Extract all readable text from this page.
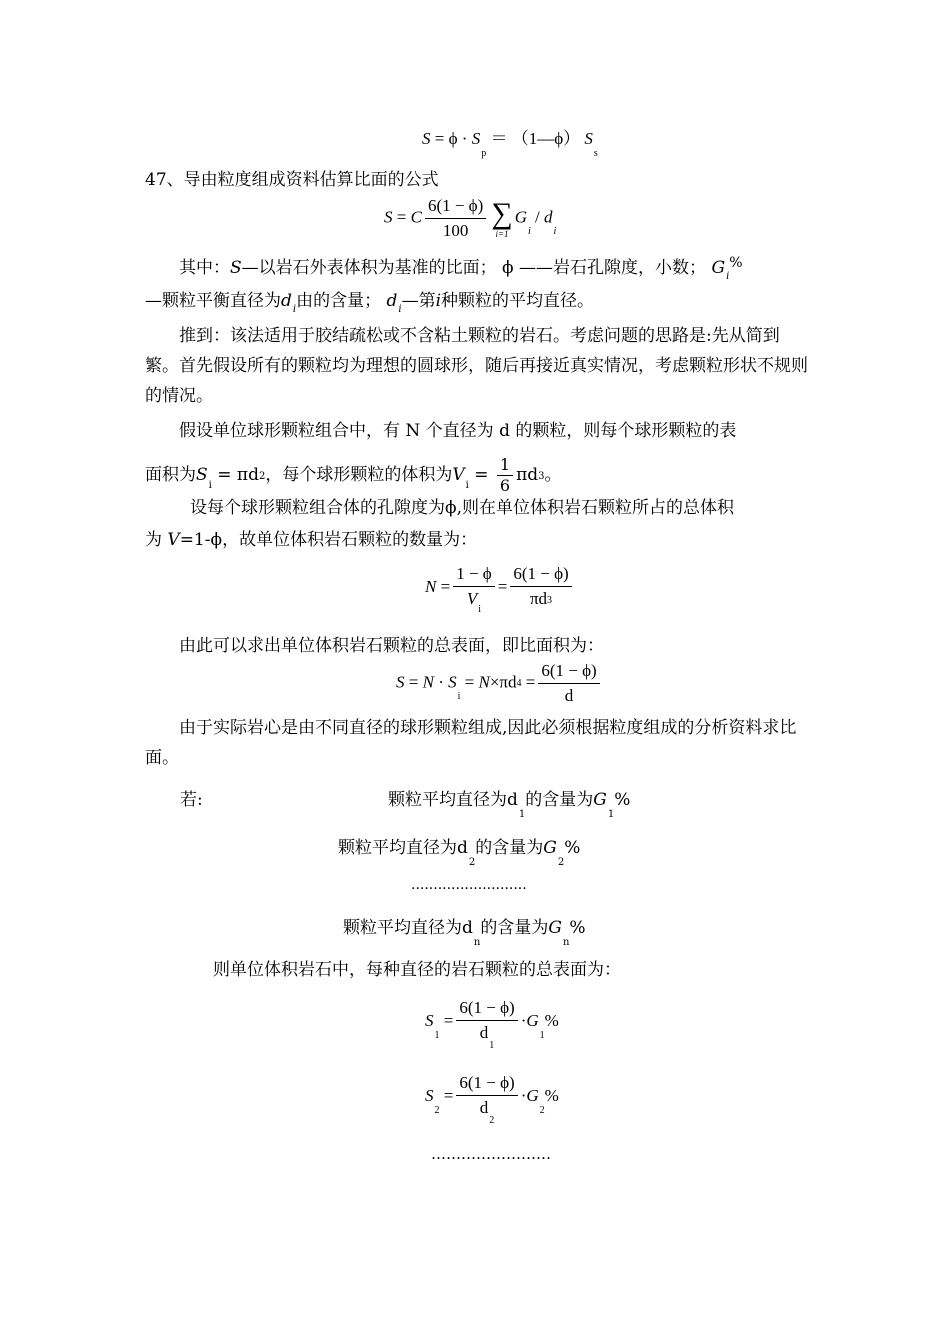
$S = \phi \cdot S_p$ ＝ （1—ϕ） $S_s$
47、导由粒度组成资料估算比面的公式
S = C $\frac{6(1 - \phi)}{100}$ ∑
i=1
$G_i / d_i$
其中：S—以岩石外表体积为基准的比面； ϕ ——岩石孔隙度，小数； $G_i^{\%}$
—颗粒平衡直径为$d_i$由的含量； $d_i—$第i种颗粒的平均直径。
推到：该法适用于胶结疏松或不含粘土颗粒的岩石。考虑问题的思路是:先从简到繁。首先假设所有的颗粒均为理想的圆球形，随后再接近真实情况，考虑颗粒形状不规则的情况。
假设单位球形颗粒组合中，有 N 个直径为 d 的颗粒，则每个球形颗粒的表
面积为$S_i = \pi d2$，每个球形颗粒的体积为$V_i = \frac{1}{6} \pi d3$。
设每个球形颗粒组合体的孔隙度为ϕ,则在单位体积岩石颗粒所占的总体积
为 V=1-ϕ，故单位体积岩石颗粒的数量为：
$N = \frac{1 - \phi}{V_i} = \frac{6(1 - \phi)}{\pi d3}$
由此可以求出单位体积岩石颗粒的总表面，即比面积为：
$S = N \cdot S_i = N\times\pi d4 = \frac{6(1 - \phi)}{d}$
由于实际岩心是由不同直径的球形颗粒组成,因此必须根据粒度组成的分析资料求比面。
若:	颗粒平均直径为$d_1$的含量为$G_1\%$
颗粒平均直径为$d_2$的含量为$G_2\%$
..........................
颗粒平均直径为$d_n$的含量为$G_n\%$
则单位体积岩石中，每种直径的岩石颗粒的总表面为：
$S_1 = \frac{6(1 - \phi)}{d_1} \cdot G_1\%$
$S_2 = \frac{6(1 - \phi)}{d_2} \cdot G_2\%$
……………………
